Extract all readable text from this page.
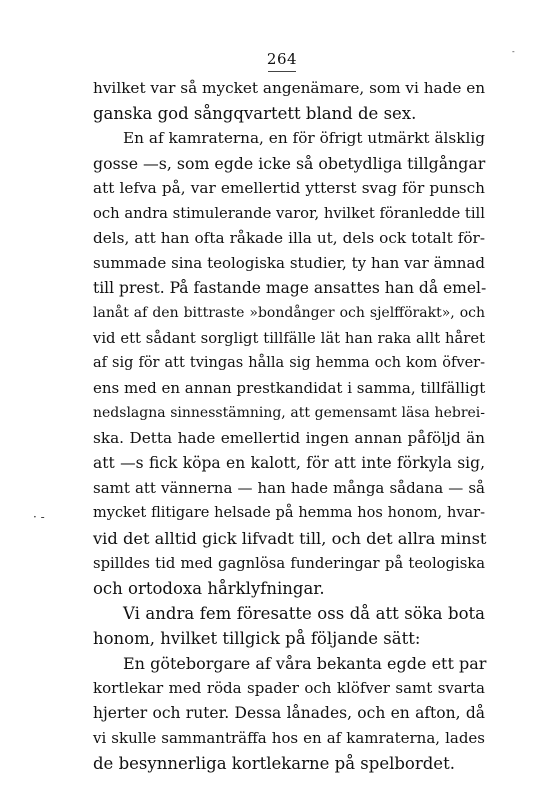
264
hvilket var så mycket angenämare, som vi hade en
ganska god sångqvartett bland de sex.
En af kamraterna, en för öfrigt utmärkt älsklig
gosse —s, som egde icke så obetydliga tillgångar
att lefva på, var emellertid ytterst svag för punsch
och andra stimulerande varor, hvilket föranledde till
dels, att han ofta råkade illa ut, dels ock totalt för-
summade sina teologiska studier, ty han var ämnad
till prest. På fastande mage ansattes han då emel-
lanåt af den bittraste »bondånger och sjelfförakt», och
vid ett sådant sorgligt tillfälle lät han raka allt håret
af sig för att tvingas hålla sig hemma och kom öfver-
ens med en annan prestkandidat i samma, tillfälligt
nedslagna sinnesstämning, att gemensamt läsa hebrei-
ska. Detta hade emellertid ingen annan påföljd än
att —s fick köpa en kalott, för att inte förkyla sig,
samt att vännerna — han hade många sådana — så
mycket flitigare helsade på hemma hos honom, hvar-
vid det alltid gick lifvadt till, och det allra minst
spilldes tid med gagnlösa funderingar på teologiska
och ortodoxa hårklyfningar.
Vi andra fem föresatte oss då att söka bota
honom, hvilket tillgick på följande sätt:
En göteborgare af våra bekanta egde ett par
kortlekar med röda spader och klöfver samt svarta
hjerter och ruter. Dessa lånades, och en afton, då
vi skulle sammanträffa hos en af kamraterna, lades
de besynnerliga kortlekarne på spelbordet.
· -
-
